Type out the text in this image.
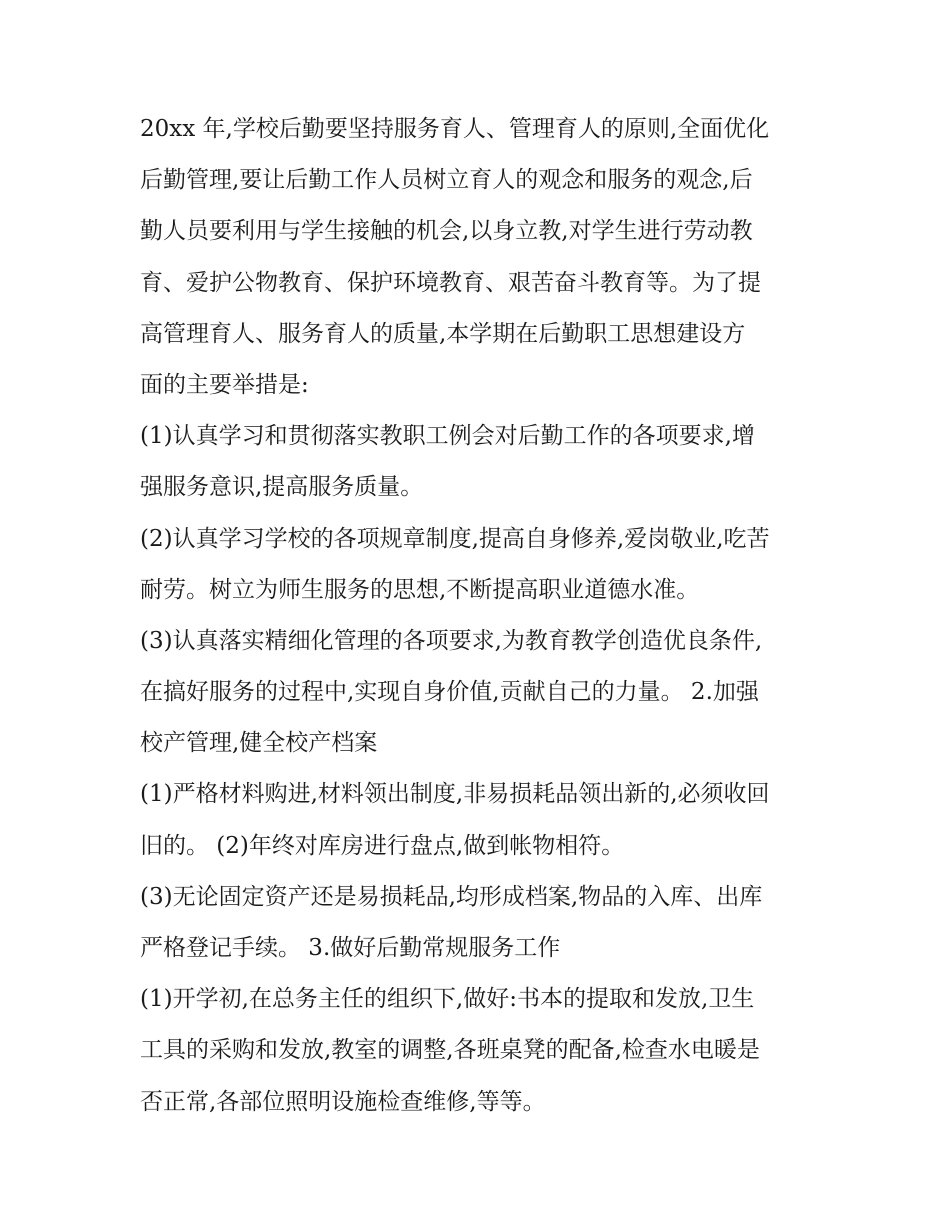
20xx 年,学校后勤要坚持服务育人、管理育人的原则,全面优化
后勤管理,要让后勤工作人员树立育人的观念和服务的观念,后
勤人员要利用与学生接触的机会,以身立教,对学生进行劳动教
育、爱护公物教育、保护环境教育、艰苦奋斗教育等。为了提
高管理育人、服务育人的质量,本学期在后勤职工思想建设方
面的主要举措是:
(1)认真学习和贯彻落实教职工例会对后勤工作的各项要求,增
强服务意识,提高服务质量。
(2)认真学习学校的各项规章制度,提高自身修养,爱岗敬业,吃苦
耐劳。树立为师生服务的思想,不断提高职业道德水准。
(3)认真落实精细化管理的各项要求,为教育教学创造优良条件,
在搞好服务的过程中,实现自身价值,贡献自己的力量。 2.加强
校产管理,健全校产档案
(1)严格材料购进,材料领出制度,非易损耗品领出新的,必须收回
旧的。 (2)年终对库房进行盘点,做到帐物相符。
(3)无论固定资产还是易损耗品,均形成档案,物品的入库、出库
严格登记手续。 3.做好后勤常规服务工作
(1)开学初,在总务主任的组织下,做好:书本的提取和发放,卫生
工具的采购和发放,教室的调整,各班桌凳的配备,检查水电暖是
否正常,各部位照明设施检查维修,等等。
